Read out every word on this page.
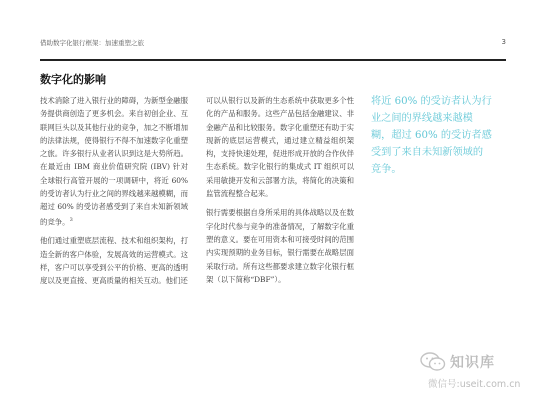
借助数字化银行框架：加速重塑之旅	3
数字化的影响

技术消除了进入银行业的障碍，为新型金融服务提供商创造了更多机会。来自初创企业、互联网巨头以及其他行业的竞争，加之不断增加的法律法规，使得银行不得不加速数字化重塑之旅。许多银行从业者认识到这是大势所趋。在最近由 IBM 商业价值研究院 (IBV) 针对全球银行高管开展的一项调研中，将近 60% 的受访者认为行业之间的界线越来越模糊，而超过 60% 的受访者感受到了来自未知新领域的竞争。$^3$

他们通过重塑底层流程、技术和组织架构，打造全新的客户体验，发展高效的运营模式。这样，客户可以享受到公平的价格、更高的透明度以及更直接、更高质量的相关互动。他们还

可以从银行以及新的生态系统中获取更多个性化的产品和服务。这些产品包括金融建议、非金融产品和比较服务。数字化重塑还有助于实现新的底层运营模式，通过建立精益组织架构，支持快速处理，促进形成开放的合作伙伴生态系统。数字化银行的集成式 IT 组织可以采用敏捷开发和云部署方法，将简化的决策和监管流程整合起来。

银行需要根据自身所采用的具体战略以及在数字化时代参与竞争的准备情况，了解数字化重塑的意义。要在可用资本和可接受时间的范围内实现预期的业务目标，银行需要在战略层面采取行动。所有这些都要求建立数字化银行框架（以下简称“DBF”）。

将近 60% 的受访者认为行业之间的界线越来越模糊，超过 60% 的受访者感受到了来自未知新领域的竞争。
知识库
微信号:useit.com.cn
